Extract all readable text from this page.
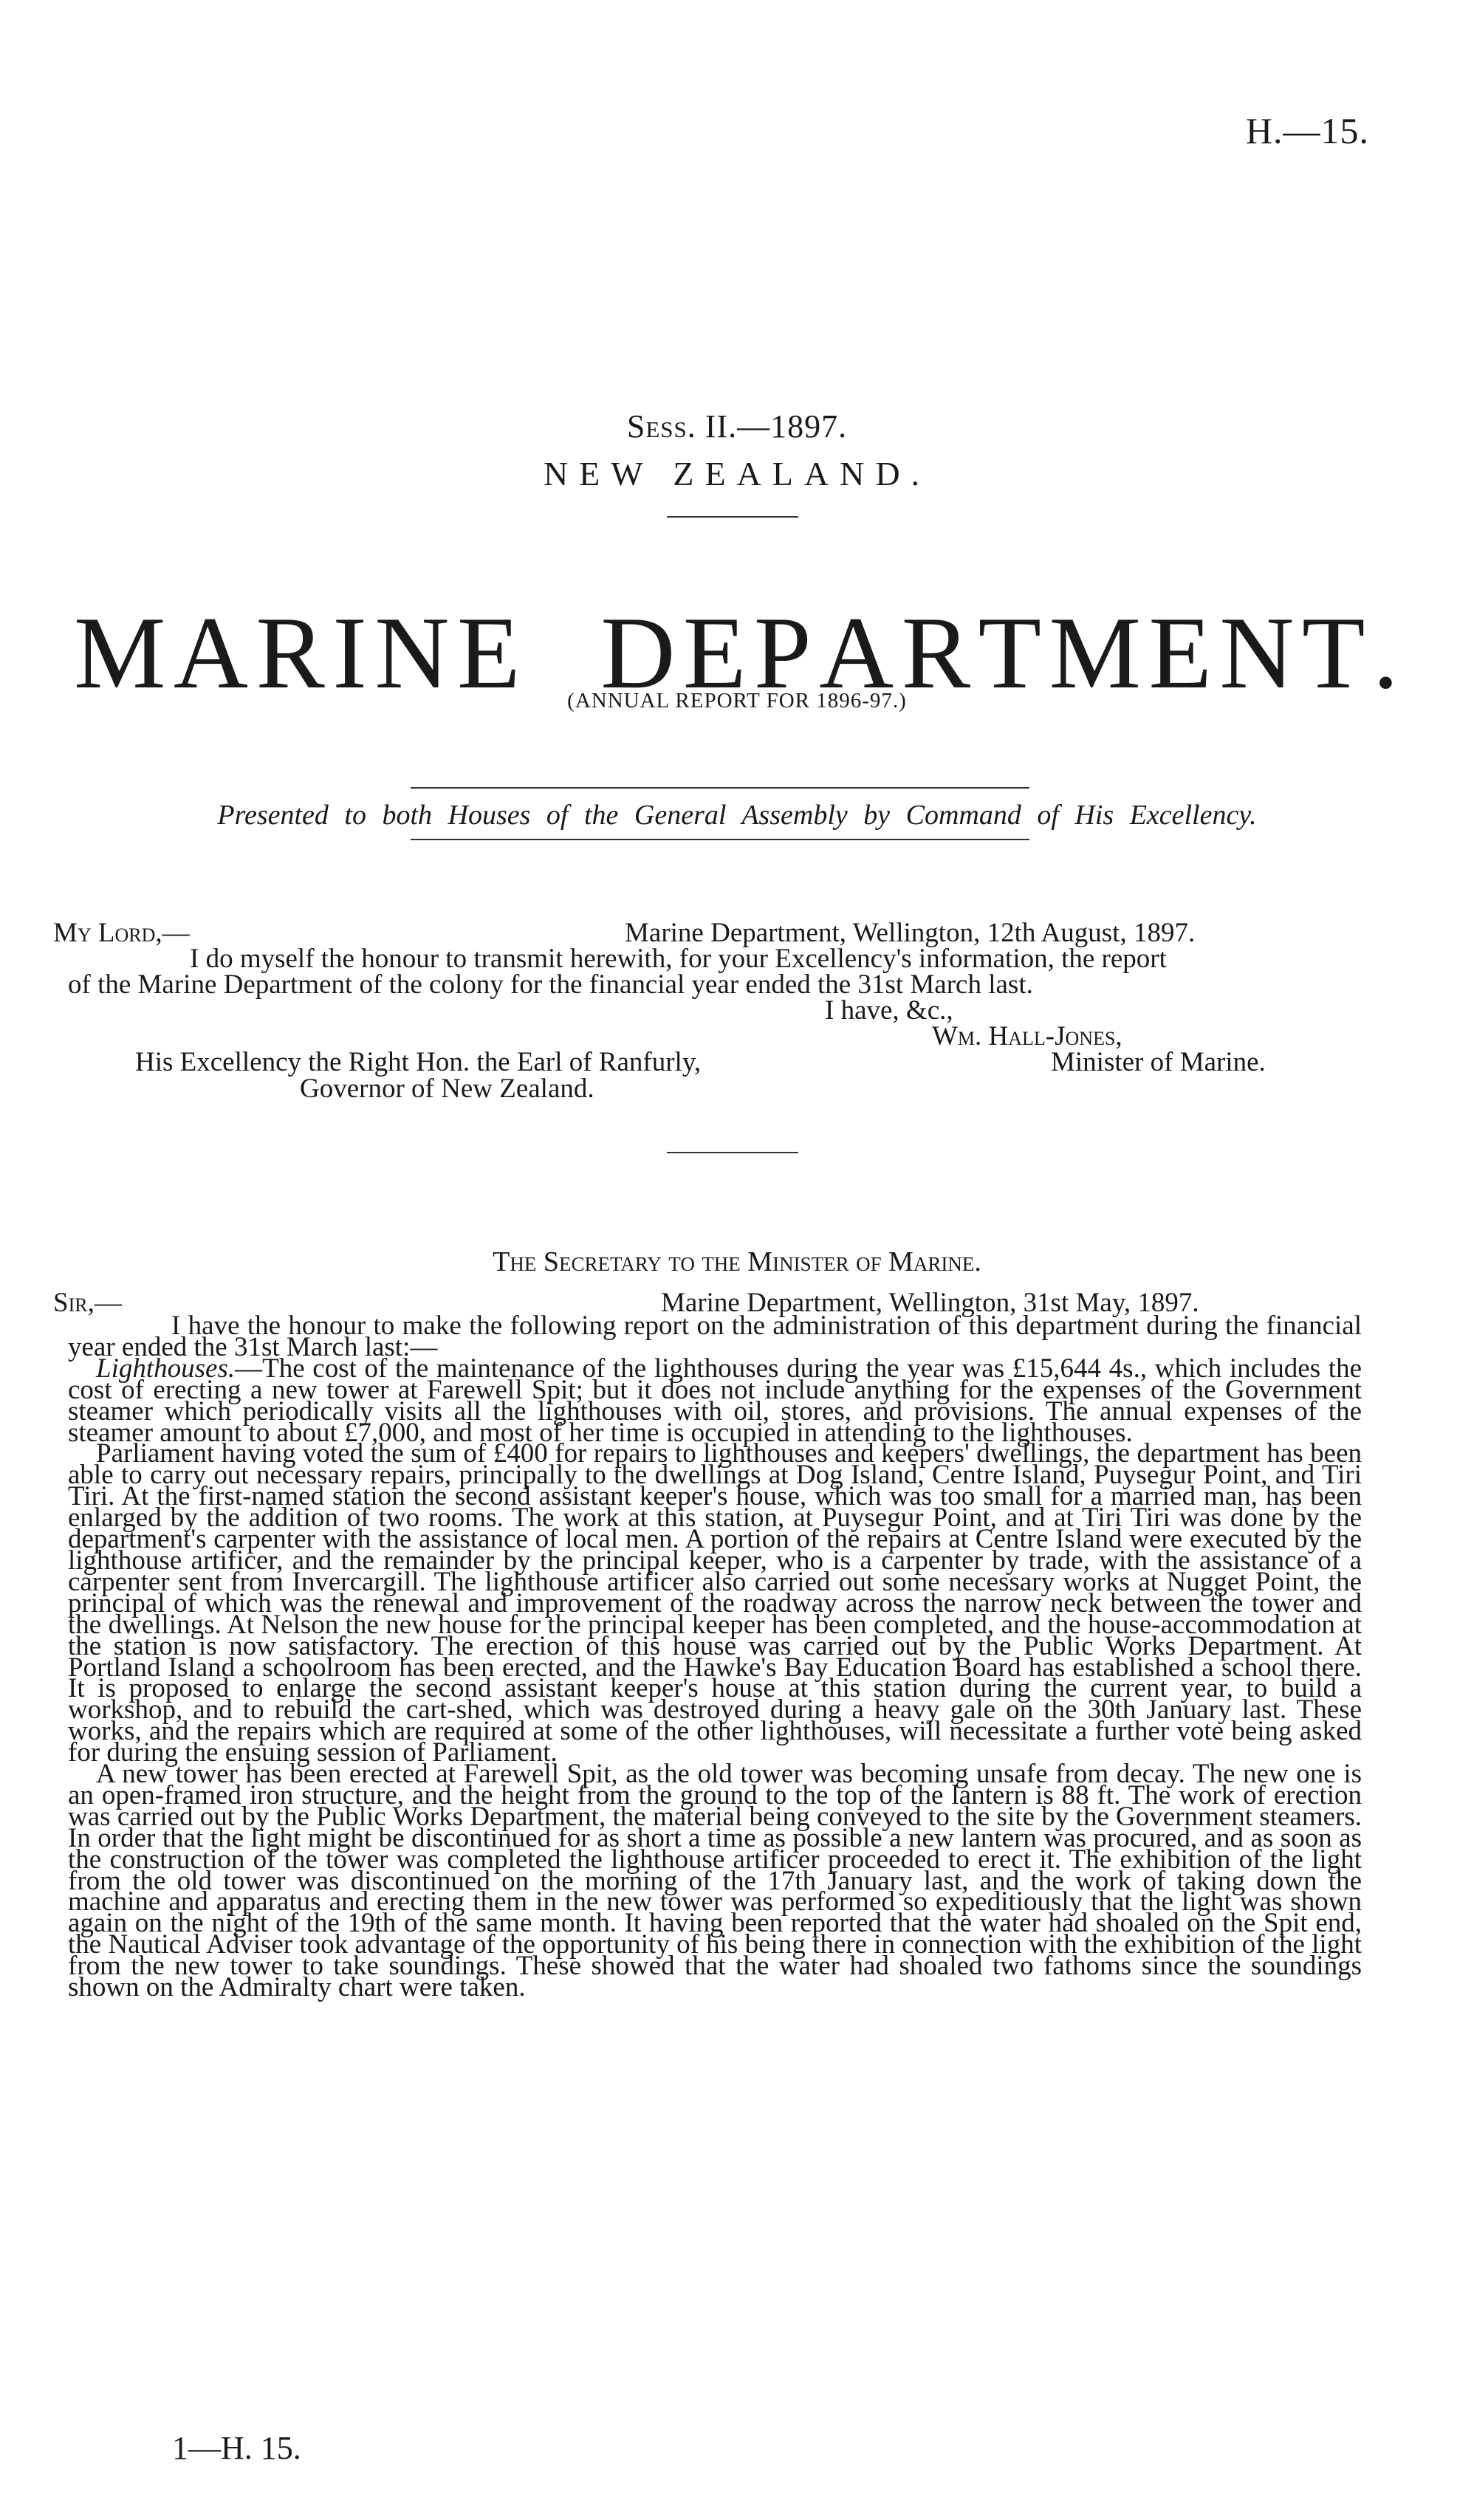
H.—15.
Sess. II.—1897.
NEW ZEALAND.
M A R I N E D E P A R T M E N T .
(ANNUAL REPORT FOR 1896-97.)
Presented to both Houses of the General Assembly by Command of His Excellency.
My Lord,—	Marine Department, Wellington, 12th August, 1897.
I do myself the honour to transmit herewith, for your Excellency's information, the report
of the Marine Department of the colony for the financial year ended the 31st March last.
I have, &c.,
Wm. Hall-Jones,
His Excellency the Right Hon. the Earl of Ranfurly,	Minister of Marine.
Governor of New Zealand.
The Secretary to the Minister of Marine.
Sir,—	Marine Department, Wellington, 31st May, 1897.

I have the honour to make the following report on the administration of this department during the financial year ended the 31st March last:—

Lighthouses.—The cost of the maintenance of the lighthouses during the year was £15,644 4s., which includes the cost of erecting a new tower at Farewell Spit; but it does not include anything for the expenses of the Government steamer which periodically visits all the lighthouses with oil, stores, and provisions. The annual expenses of the steamer amount to about £7,000, and most of her time is occupied in attending to the lighthouses.

Parliament having voted the sum of £400 for repairs to lighthouses and keepers' dwellings, the department has been able to carry out necessary repairs, principally to the dwellings at Dog Island, Centre Island, Puysegur Point, and Tiri Tiri. At the first-named station the second assistant keeper's house, which was too small for a married man, has been enlarged by the addition of two rooms. The work at this station, at Puysegur Point, and at Tiri Tiri was done by the department's carpenter with the assistance of local men. A portion of the repairs at Centre Island were executed by the lighthouse artificer, and the remainder by the principal keeper, who is a carpenter by trade, with the assistance of a carpenter sent from Invercargill. The lighthouse artificer also carried out some necessary works at Nugget Point, the principal of which was the renewal and improvement of the roadway across the narrow neck between the tower and the dwellings. At Nelson the new house for the principal keeper has been completed, and the house-accommodation at the station is now satisfactory. The erection of this house was carried out by the Public Works Department. At Portland Island a schoolroom has been erected, and the Hawke's Bay Education Board has established a school there. It is proposed to enlarge the second assistant keeper's house at this station during the current year, to build a workshop, and to rebuild the cart-shed, which was destroyed during a heavy gale on the 30th January last. These works, and the repairs which are required at some of the other lighthouses, will necessitate a further vote being asked for during the ensuing session of Parliament.

A new tower has been erected at Farewell Spit, as the old tower was becoming unsafe from decay. The new one is an open-framed iron structure, and the height from the ground to the top of the lantern is 88 ft. The work of erection was carried out by the Public Works Department, the material being conveyed to the site by the Government steamers. In order that the light might be discontinued for as short a time as possible a new lantern was procured, and as soon as the construction of the tower was completed the lighthouse artificer proceeded to erect it. The exhibition of the light from the old tower was discontinued on the morning of the 17th January last, and the work of taking down the machine and apparatus and erecting them in the new tower was performed so expeditiously that the light was shown again on the night of the 19th of the same month. It having been reported that the water had shoaled on the Spit end, the Nautical Adviser took advantage of the opportunity of his being there in connection with the exhibition of the light from the new tower to take soundings. These showed that the water had shoaled two fathoms since the soundings shown on the Admiralty chart were taken.

1—H. 15.
